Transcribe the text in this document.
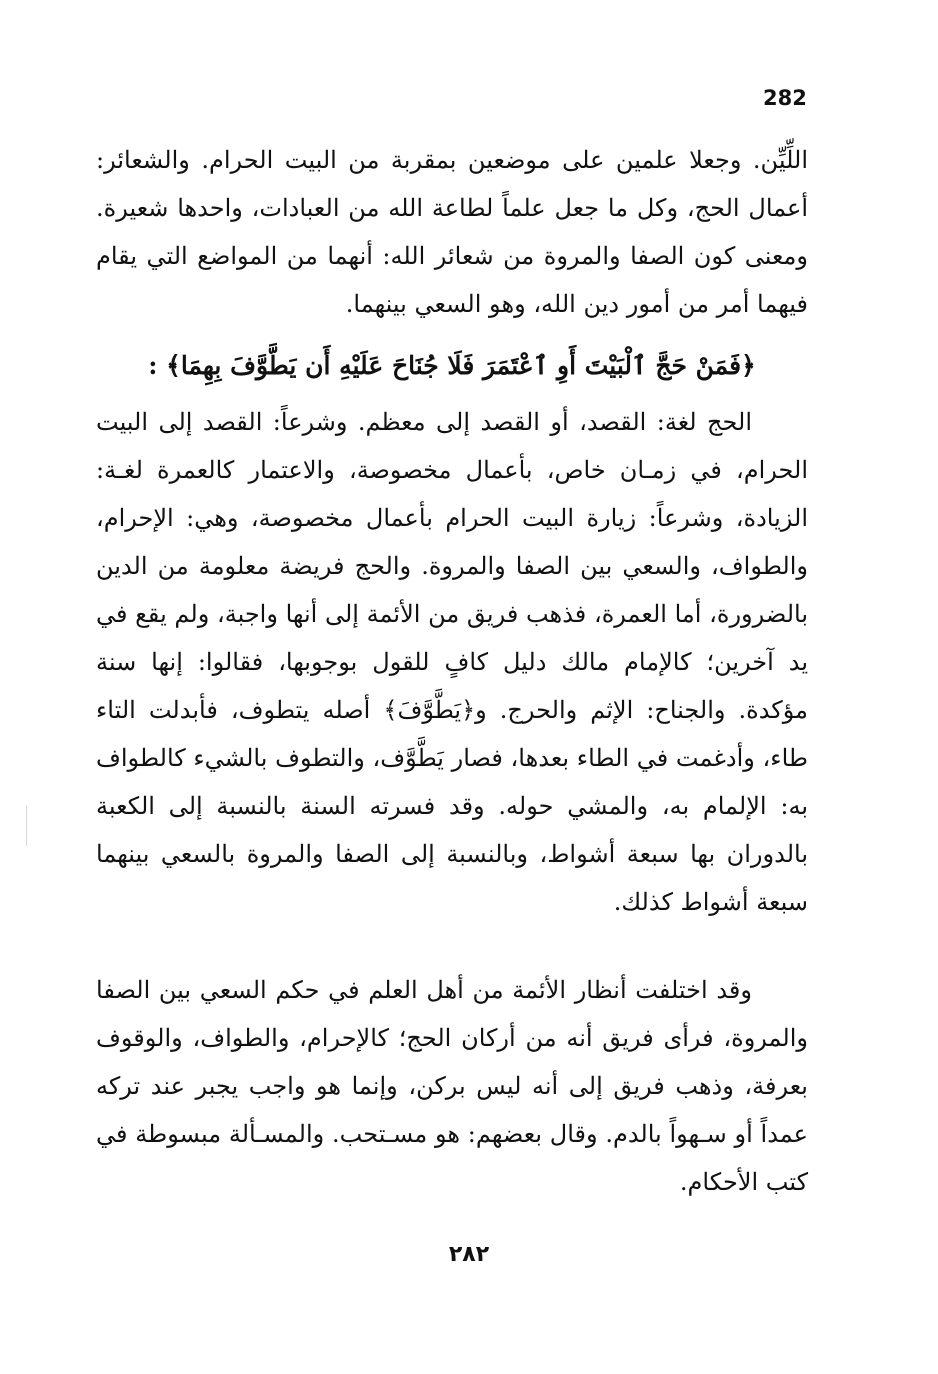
282

اللِّيِّن. وجعلا علمين على موضعين بمقربة من البيت الحرام. والشعائر: أعمال الحج، وكل ما جعل علماً لطاعة الله من العبادات، واحدها شعيرة. ومعنى كون الصفا والمروة من شعائر الله: أنهما من المواضع التي يقام فيهما أمر من أمور دين الله، وهو السعي بينهما.

﴿فَمَنْ حَجَّ ٱلْبَيْتَ أَوِ ٱعْتَمَرَ فَلَا جُنَاحَ عَلَيْهِ أَن يَطَّوَّفَ بِهِمَا﴾ :

الحج لغة: القصد، أو القصد إلى معظم. وشرعاً: القصد إلى البيت الحرام، في زمـان خاص، بأعمال مخصوصة، والاعتمار كالعمرة لغـة: الزيادة، وشرعاً: زيارة البيت الحرام بأعمال مخصوصة، وهي: الإحرام، والطواف، والسعي بين الصفا والمروة. والحج فريضة معلومة من الدين بالضرورة، أما العمرة، فذهب فريق من الأئمة إلى أنها واجبة، ولم يقع في يد آخرين؛ كالإمام مالك دليل كافٍ للقول بوجوبها، فقالوا: إنها سنة مؤكدة. والجناح: الإثم والحرج. و﴿يَطَّوَّفَ﴾ أصله يتطوف، فأبدلت التاء طاء، وأدغمت في الطاء بعدها، فصار يَطَّوَّف، والتطوف بالشيء كالطواف به: الإلمام به، والمشي حوله. وقد فسرته السنة بالنسبة إلى الكعبة بالدوران بها سبعة أشواط، وبالنسبة إلى الصفا والمروة بالسعي بينهما سبعة أشواط كذلك.

وقد اختلفت أنظار الأئمة من أهل العلم في حكم السعي بين الصفا والمروة، فرأى فريق أنه من أركان الحج؛ كالإحرام، والطواف، والوقوف بعرفة، وذهب فريق إلى أنه ليس بركن، وإنما هو واجب يجبر عند تركه عمداً أو سـهواً بالدم. وقال بعضهم: هو مسـتحب. والمسـألة مبسوطة في كتب الأحكام.

٢٨٢
